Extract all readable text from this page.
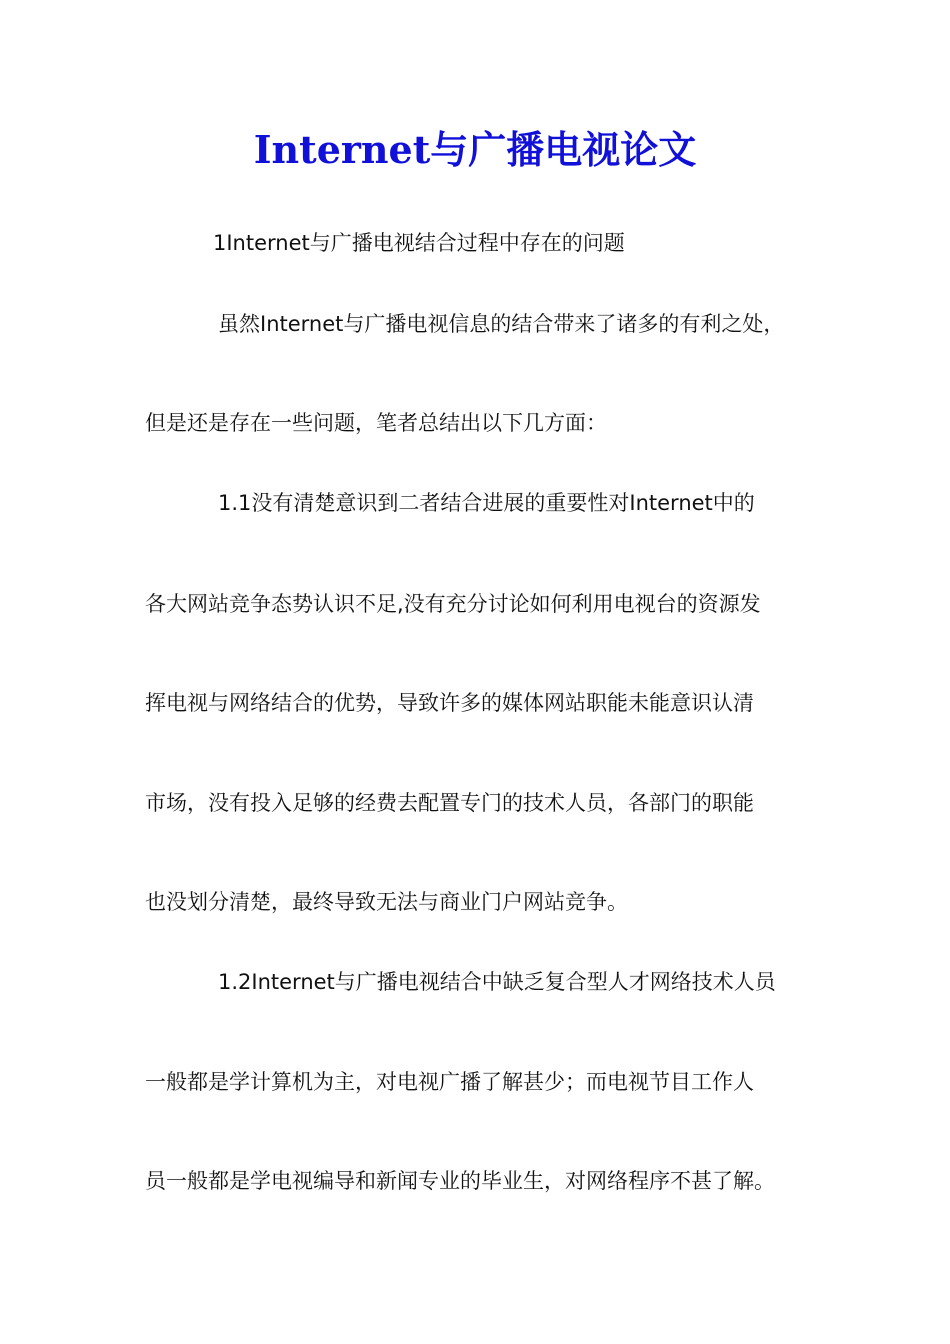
Internet与广播电视论文
1Internet与广播电视结合过程中存在的问题
虽然Internet与广播电视信息的结合带来了诸多的有利之处，
但是还是存在一些问题，笔者总结出以下几方面：
1.1没有清楚意识到二者结合进展的重要性对Internet中的
各大网站竞争态势认识不足,没有充分讨论如何利用电视台的资源发
挥电视与网络结合的优势，导致许多的媒体网站职能未能意识认清
市场，没有投入足够的经费去配置专门的技术人员，各部门的职能
也没划分清楚，最终导致无法与商业门户网站竞争。
1.2Internet与广播电视结合中缺乏复合型人才网络技术人员
一般都是学计算机为主，对电视广播了解甚少；而电视节目工作人
员一般都是学电视编导和新闻专业的毕业生，对网络程序不甚了解。
